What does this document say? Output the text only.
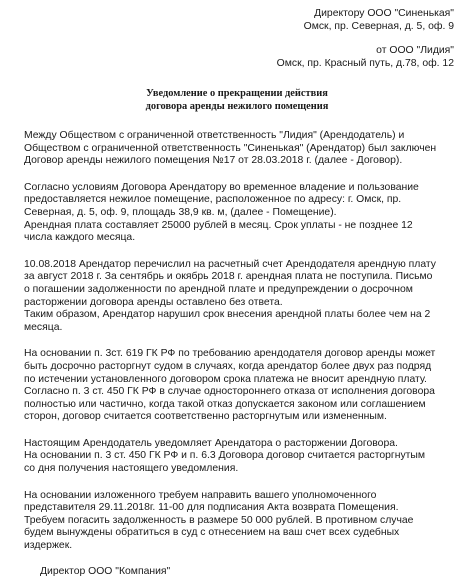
Директору ООО "Синенькая"
Омск, пр. Северная, д. 5, оф. 9
от ООО "Лидия"
Омск, пр. Красный путь, д.78, оф. 12
Уведомление о прекращении действия
договора аренды нежилого помещения
Между Обществом с ограниченной ответственность "Лидия" (Арендодатель) и
Обществом с ограниченной ответственность "Синенькая" (Арендатор) был заключен
Договор аренды нежилого помещения №17 от 28.03.2018 г. (далее - Договор).
Согласно условиям Договора Арендатору во временное владение и пользование
предоставляется нежилое помещение, расположенное по адресу: г. Омск, пр.
Северная, д. 5, оф. 9, площадь 38,9 кв. м, (далее - Помещение).
Арендная плата составляет 25000 рублей в месяц. Срок уплаты - не позднее 12
числа каждого месяца.
10.08.2018 Арендатор перечислил на расчетный счет Арендодателя арендную плату
за август 2018 г. За сентябрь и окябрь 2018 г. арендная плата не поступила. Письмо
о погашении задолженности по арендной плате и предупреждении о досрочном
расторжении договора аренды оставлено без ответа.
Таким образом, Арендатор нарушил срок внесения арендной платы более чем на 2
месяца.
На основании п. 3ст. 619 ГК РФ по требованию арендодателя договор аренды может
быть досрочно расторгнут судом в случаях, когда арендатор более двух раз подряд
по истечении установленного договором срока платежа не вносит арендную плату.
Согласно п. 3 ст. 450 ГК РФ в случае одностороннего отказа от исполнения договора
полностью или частично, когда такой отказ допускается законом или соглашением
сторон, договор считается соответственно расторгнутым или измененным.
Настоящим Арендодатель уведомляет Арендатора о расторжении Договора.
На основании п. 3 ст. 450 ГК РФ и п. 6.3 Договора договор считается расторгнутым
со дня получения настоящего уведомления.
На основании изложенного требуем направить вашего уполномоченного
представителя 29.11.2018г. 11-00 для подписания Акта возврата Помещения.
Требуем погасить задолженность в размере 50 000 рублей. В противном случае
будем вынуждены обратиться в суд с отнесением на ваш счет всех судебных
издержек.
Директор ООО "Компания"
